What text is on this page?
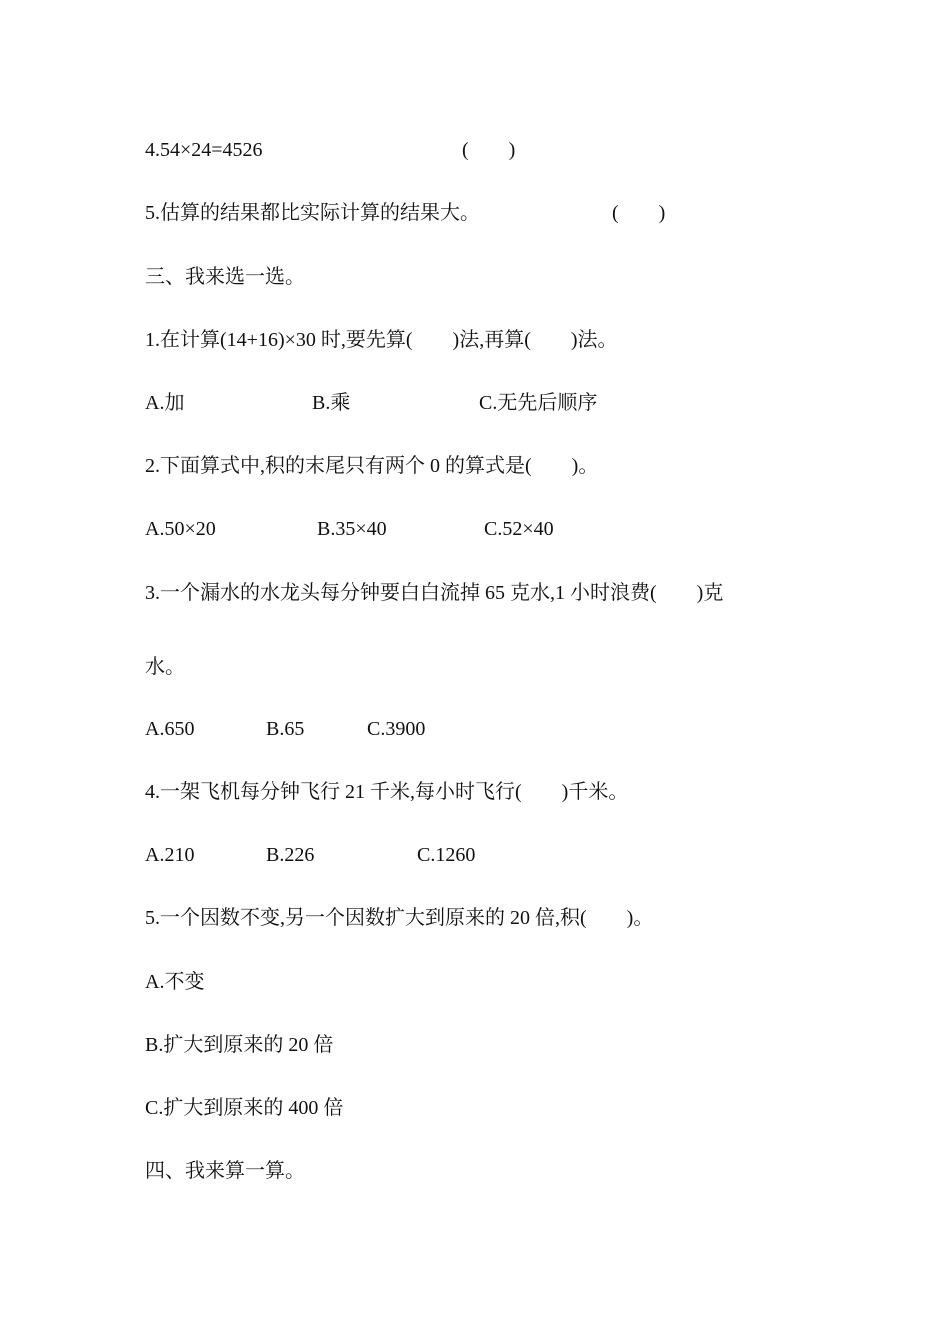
4.54×24=4526	(　　)
5.估算的结果都比实际计算的结果大。	(　　)
三、我来选一选。
1.在计算(14+16)×30 时,要先算(　　)法,再算(　　)法。
A.加	B.乘	C.无先后顺序
2.下面算式中,积的末尾只有两个 0 的算式是(　　)。
A.50×20	B.35×40	C.52×40
3.一个漏水的水龙头每分钟要白白流掉 65 克水,1 小时浪费(　　)克
水。
A.650	B.65	C.3900
4.一架飞机每分钟飞行 21 千米,每小时飞行(　　)千米。
A.210	B.226	C.1260
5.一个因数不变,另一个因数扩大到原来的 20 倍,积(　　)。
A.不变
B.扩大到原来的 20 倍
C.扩大到原来的 400 倍
四、我来算一算。
